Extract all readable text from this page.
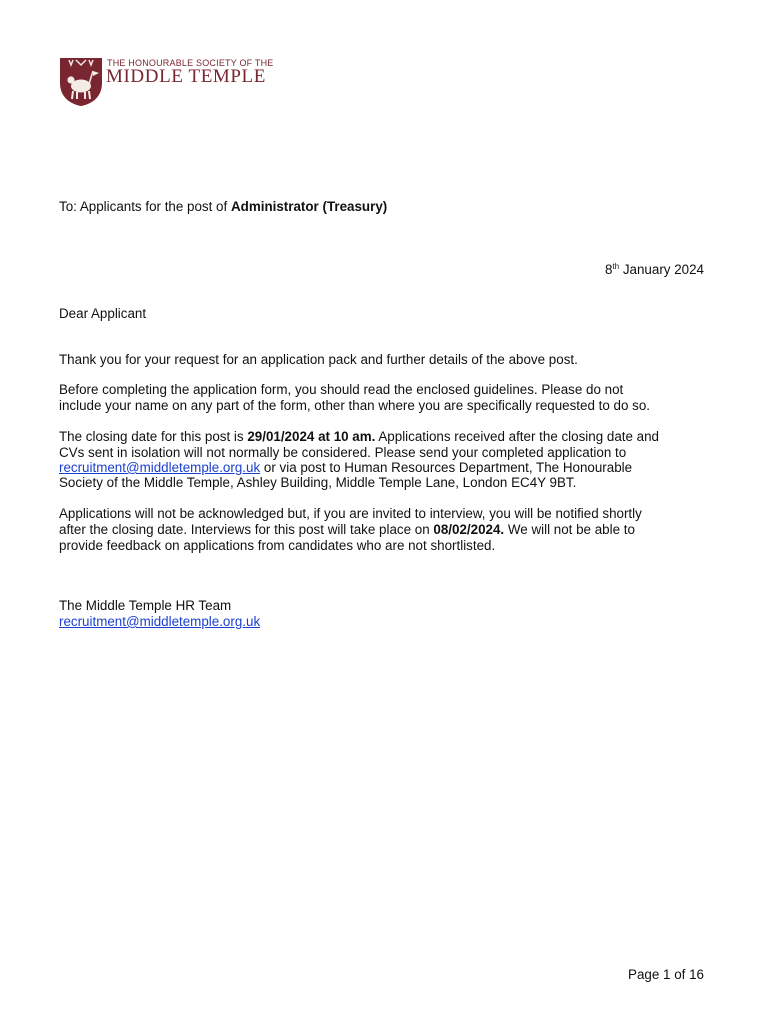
THE HONOURABLE SOCIETY OF THE
MIDDLE TEMPLE
To: Applicants for the post of Administrator (Treasury)
8th January 2024
Dear Applicant
Thank you for your request for an application pack and further details of the above post.
Before completing the application form, you should read the enclosed guidelines. Please do not
include your name on any part of the form, other than where you are specifically requested to do so.
The closing date for this post is 29/01/2024 at 10 am. Applications received after the closing date and
CVs sent in isolation will not normally be considered. Please send your completed application to
recruitment@middletemple.org.uk or via post to Human Resources Department, The Honourable
Society of the Middle Temple, Ashley Building, Middle Temple Lane, London EC4Y 9BT.
Applications will not be acknowledged but, if you are invited to interview, you will be notified shortly
after the closing date. Interviews for this post will take place on 08/02/2024. We will not be able to
provide feedback on applications from candidates who are not shortlisted.
The Middle Temple HR Team
recruitment@middletemple.org.uk
Page 1 of 16
